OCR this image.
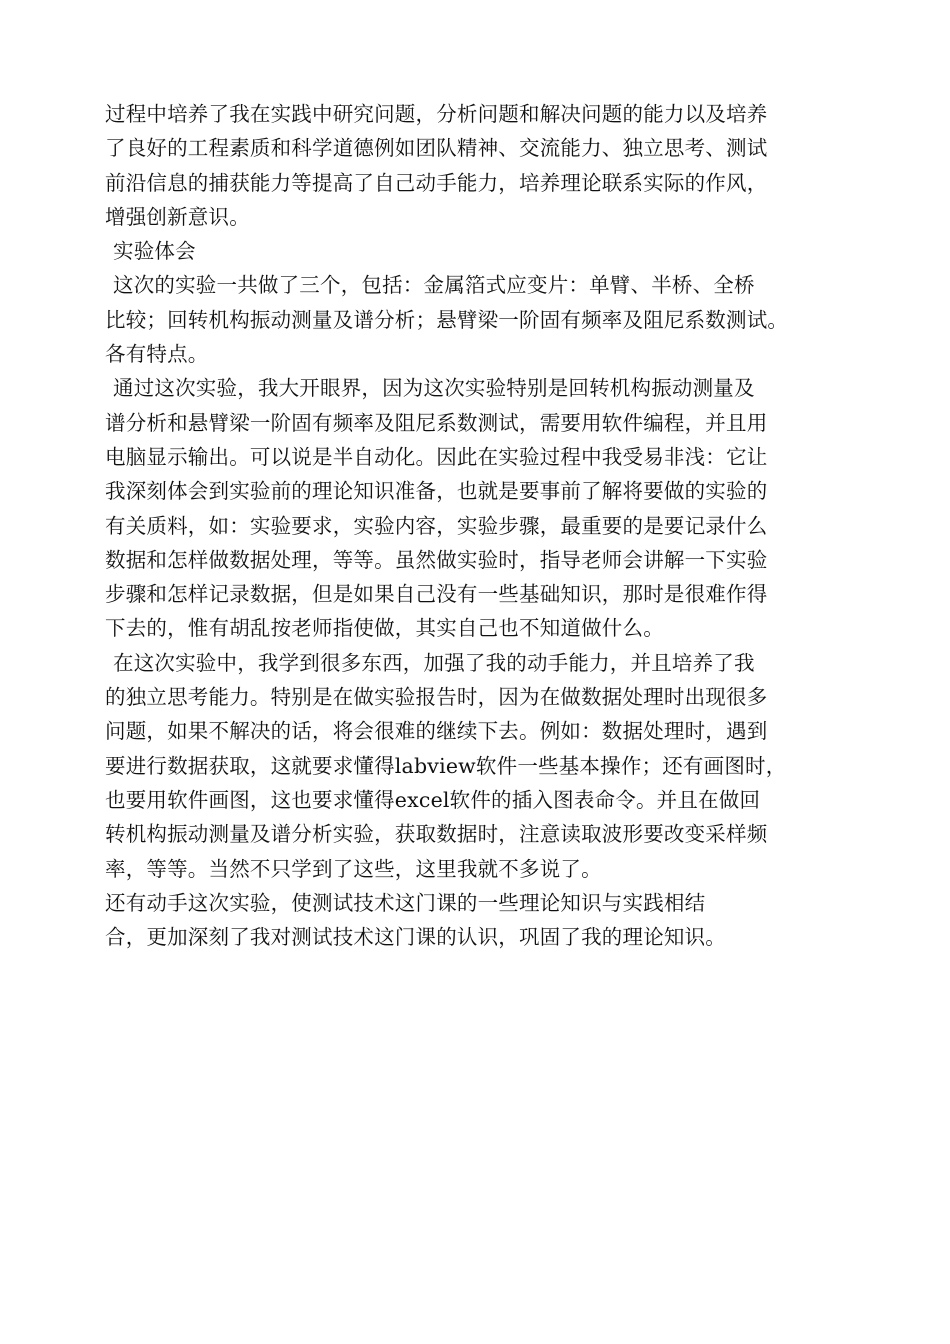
过程中培养了我在实践中研究问题，分析问题和解决问题的能力以及培养
了良好的工程素质和科学道德例如团队精神、交流能力、独立思考、测试
前沿信息的捕获能力等提高了自己动手能力，培养理论联系实际的作风，
增强创新意识。
实验体会
这次的实验一共做了三个，包括：金属箔式应变片：单臂、半桥、全桥
比较；回转机构振动测量及谱分析；悬臂梁一阶固有频率及阻尼系数测试。
各有特点。
通过这次实验，我大开眼界，因为这次实验特别是回转机构振动测量及
谱分析和悬臂梁一阶固有频率及阻尼系数测试，需要用软件编程，并且用
电脑显示输出。可以说是半自动化。因此在实验过程中我受易非浅：它让
我深刻体会到实验前的理论知识准备，也就是要事前了解将要做的实验的
有关质料，如：实验要求，实验内容，实验步骤，最重要的是要记录什么
数据和怎样做数据处理，等等。虽然做实验时，指导老师会讲解一下实验
步骤和怎样记录数据，但是如果自己没有一些基础知识，那时是很难作得
下去的，惟有胡乱按老师指使做，其实自己也不知道做什么。
在这次实验中，我学到很多东西，加强了我的动手能力，并且培养了我
的独立思考能力。特别是在做实验报告时，因为在做数据处理时出现很多
问题，如果不解决的话，将会很难的继续下去。例如：数据处理时，遇到
要进行数据获取，这就要求懂得labview软件一些基本操作；还有画图时，
也要用软件画图，这也要求懂得excel软件的插入图表命令。并且在做回
转机构振动测量及谱分析实验，获取数据时，注意读取波形要改变采样频
率，等等。当然不只学到了这些，这里我就不多说了。
还有动手这次实验，使测试技术这门课的一些理论知识与实践相结
合，更加深刻了我对测试技术这门课的认识，巩固了我的理论知识。
